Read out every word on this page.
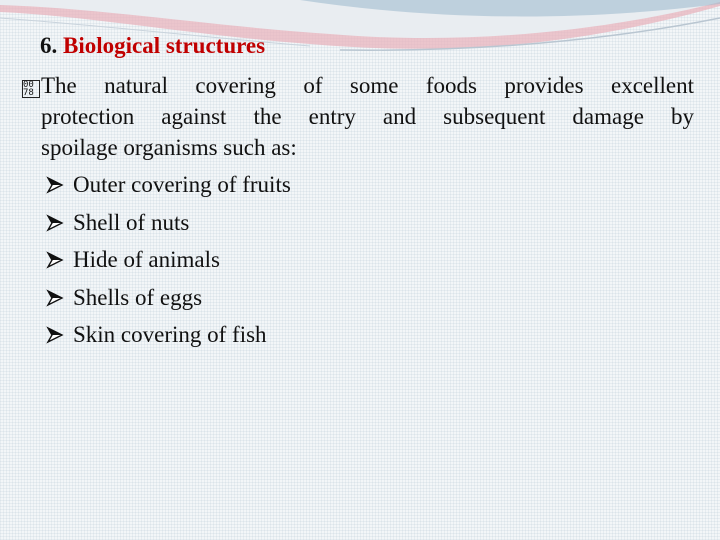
6. Biological structures
00
78 The natural covering of some foods provides excellent
protection against the entry and subsequent damage by
spoilage organisms such as:
Outer covering of fruits
Shell of nuts
Hide of animals
Shells of eggs
Skin covering of fish
